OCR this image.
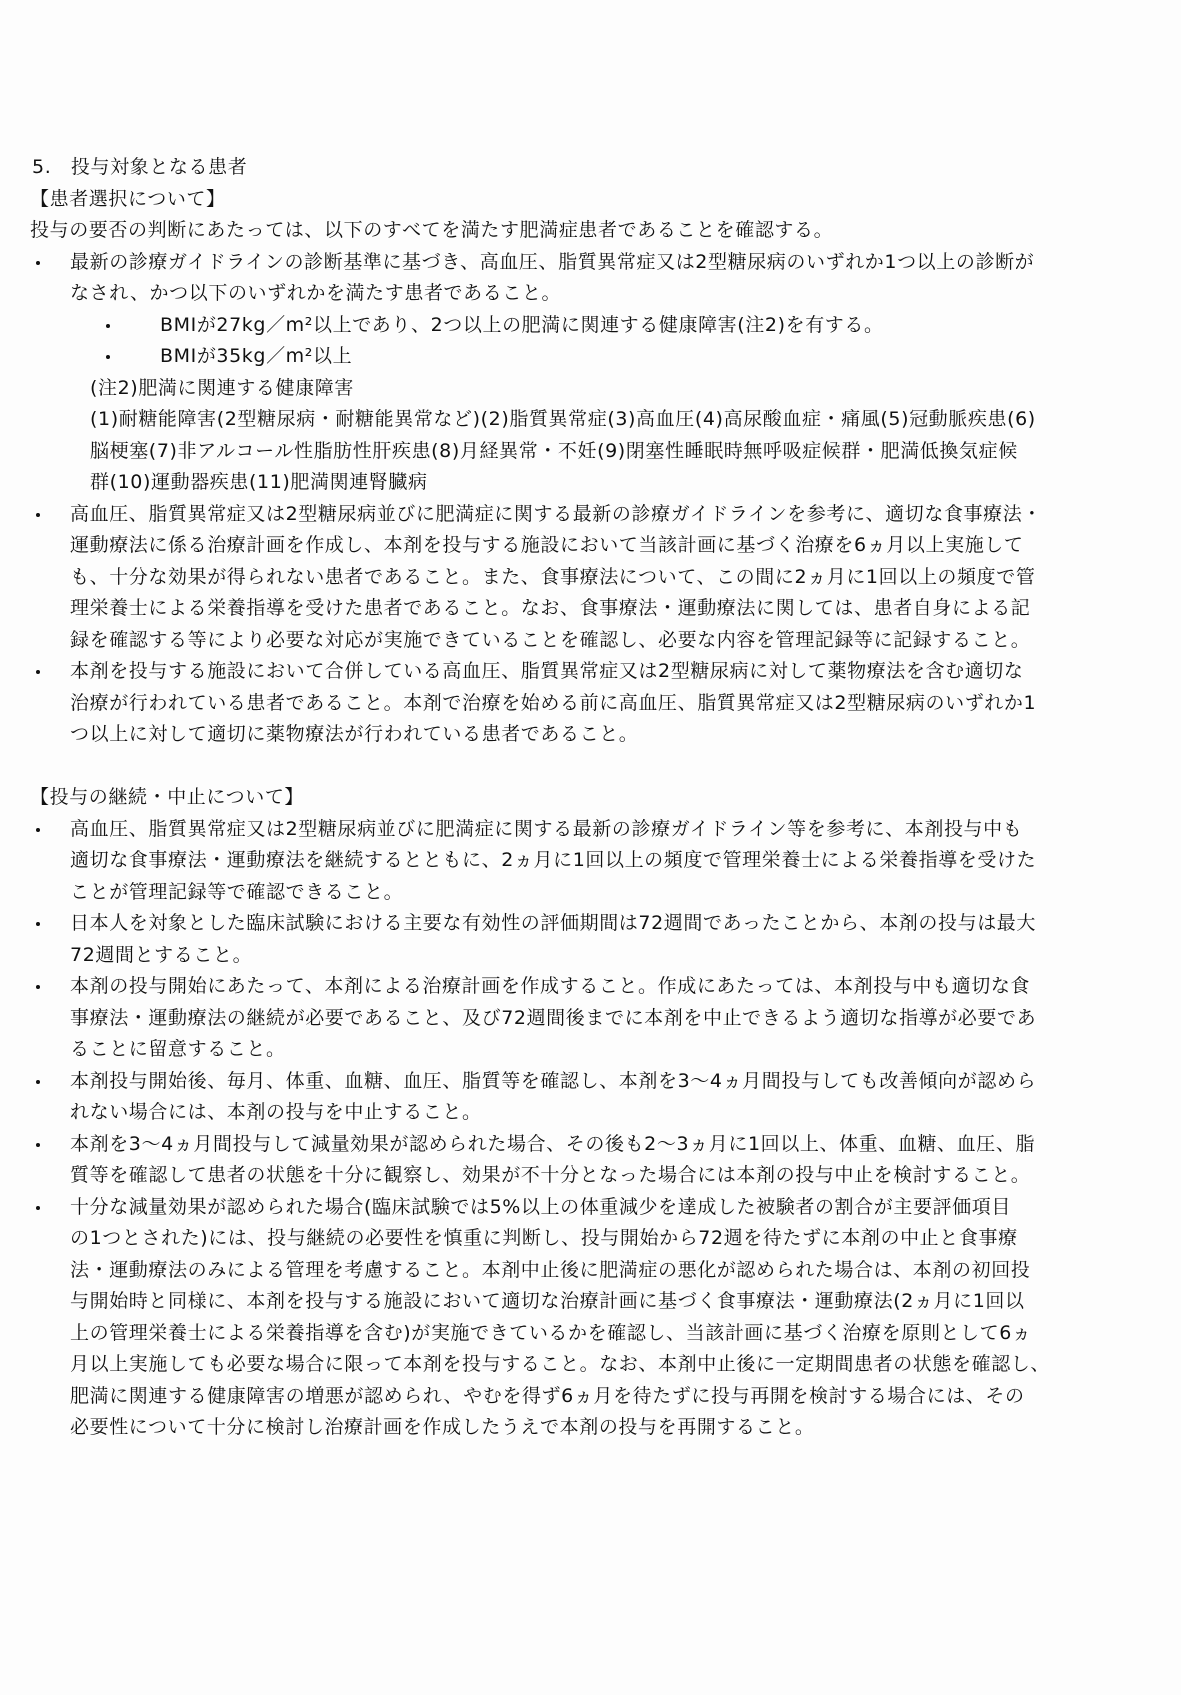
5.　投与対象となる患者
【患者選択について】
投与の要否の判断にあたっては、以下のすべてを満たす肥満症患者であることを確認する。
最新の診療ガイドラインの診断基準に基づき、高血圧、脂質異常症又は2型糖尿病のいずれか1つ以上の診断が
なされ、かつ以下のいずれかを満たす患者であること。
BMIが27kg／m²以上であり、2つ以上の肥満に関連する健康障害(注2)を有する。
BMIが35kg／m²以上
(注2)肥満に関連する健康障害
(1)耐糖能障害(2型糖尿病・耐糖能異常など)(2)脂質異常症(3)高血圧(4)高尿酸血症・痛風(5)冠動脈疾患(6)
脳梗塞(7)非アルコール性脂肪性肝疾患(8)月経異常・不妊(9)閉塞性睡眠時無呼吸症候群・肥満低換気症候
群(10)運動器疾患(11)肥満関連腎臓病
高血圧、脂質異常症又は2型糖尿病並びに肥満症に関する最新の診療ガイドラインを参考に、適切な食事療法・
運動療法に係る治療計画を作成し、本剤を投与する施設において当該計画に基づく治療を6ヵ月以上実施して
も、十分な効果が得られない患者であること。また、食事療法について、この間に2ヵ月に1回以上の頻度で管
理栄養士による栄養指導を受けた患者であること。なお、食事療法・運動療法に関しては、患者自身による記
録を確認する等により必要な対応が実施できていることを確認し、必要な内容を管理記録等に記録すること。
本剤を投与する施設において合併している高血圧、脂質異常症又は2型糖尿病に対して薬物療法を含む適切な
治療が行われている患者であること。本剤で治療を始める前に高血圧、脂質異常症又は2型糖尿病のいずれか1
つ以上に対して適切に薬物療法が行われている患者であること。
【投与の継続・中止について】
高血圧、脂質異常症又は2型糖尿病並びに肥満症に関する最新の診療ガイドライン等を参考に、本剤投与中も
適切な食事療法・運動療法を継続するとともに、2ヵ月に1回以上の頻度で管理栄養士による栄養指導を受けた
ことが管理記録等で確認できること。
日本人を対象とした臨床試験における主要な有効性の評価期間は72週間であったことから、本剤の投与は最大
72週間とすること。
本剤の投与開始にあたって、本剤による治療計画を作成すること。作成にあたっては、本剤投与中も適切な食
事療法・運動療法の継続が必要であること、及び72週間後までに本剤を中止できるよう適切な指導が必要であ
ることに留意すること。
本剤投与開始後、毎月、体重、血糖、血圧、脂質等を確認し、本剤を3～4ヵ月間投与しても改善傾向が認めら
れない場合には、本剤の投与を中止すること。
本剤を3～4ヵ月間投与して減量効果が認められた場合、その後も2～3ヵ月に1回以上、体重、血糖、血圧、脂
質等を確認して患者の状態を十分に観察し、効果が不十分となった場合には本剤の投与中止を検討すること。
十分な減量効果が認められた場合(臨床試験では5%以上の体重減少を達成した被験者の割合が主要評価項目
の1つとされた)には、投与継続の必要性を慎重に判断し、投与開始から72週を待たずに本剤の中止と食事療
法・運動療法のみによる管理を考慮すること。本剤中止後に肥満症の悪化が認められた場合は、本剤の初回投
与開始時と同様に、本剤を投与する施設において適切な治療計画に基づく食事療法・運動療法(2ヵ月に1回以
上の管理栄養士による栄養指導を含む)が実施できているかを確認し、当該計画に基づく治療を原則として6ヵ
月以上実施しても必要な場合に限って本剤を投与すること。なお、本剤中止後に一定期間患者の状態を確認し、
肥満に関連する健康障害の増悪が認められ、やむを得ず6ヵ月を待たずに投与再開を検討する場合には、その
必要性について十分に検討し治療計画を作成したうえで本剤の投与を再開すること。
